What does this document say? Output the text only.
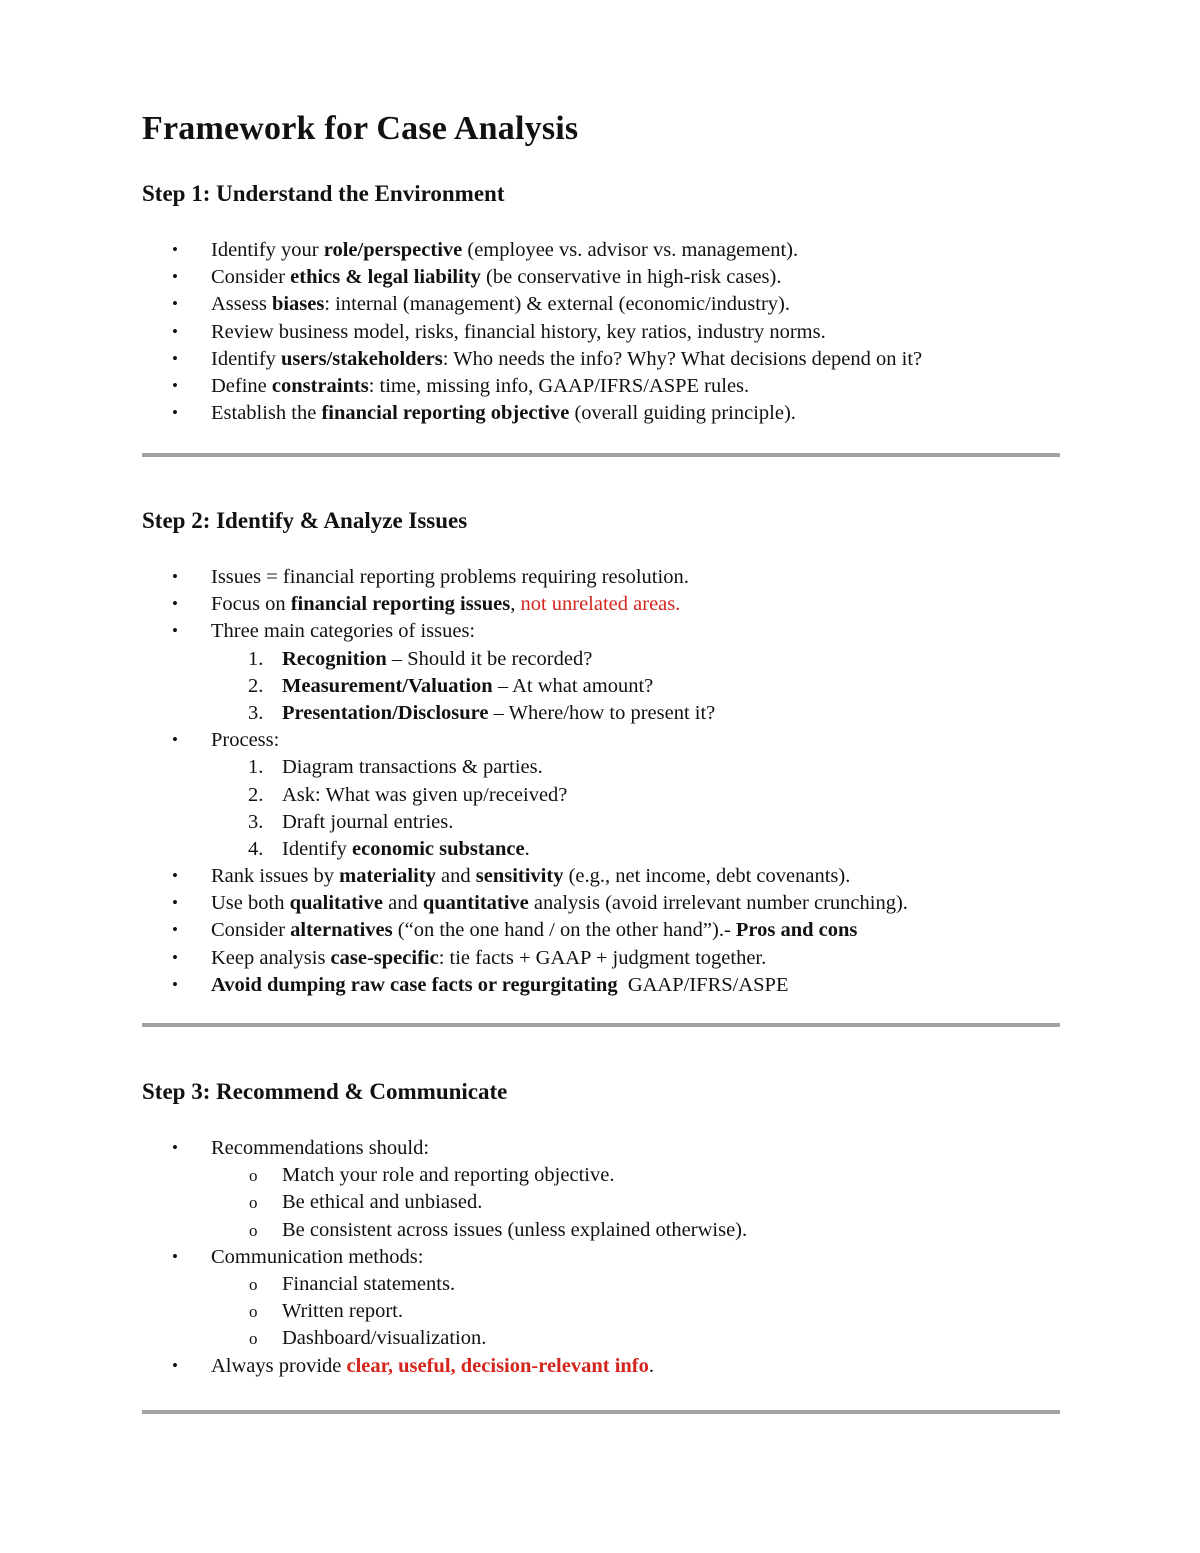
Framework for Case Analysis
Step 1: Understand the Environment
• Identify your role/perspective (employee vs. advisor vs. management).
• Consider ethics & legal liability (be conservative in high-risk cases).
• Assess biases: internal (management) & external (economic/industry).
• Review business model, risks, financial history, key ratios, industry norms.
• Identify users/stakeholders: Who needs the info? Why? What decisions depend on it?
• Define constraints: time, missing info, GAAP/IFRS/ASPE rules.
• Establish the financial reporting objective (overall guiding principle).
Step 2: Identify & Analyze Issues
• Issues = financial reporting problems requiring resolution.
• Focus on financial reporting issues, not unrelated areas.
• Three main categories of issues:
1. Recognition – Should it be recorded?
2. Measurement/Valuation – At what amount?
3. Presentation/Disclosure – Where/how to present it?
• Process:
1. Diagram transactions & parties.
2. Ask: What was given up/received?
3. Draft journal entries.
4. Identify economic substance.
• Rank issues by materiality and sensitivity (e.g., net income, debt covenants).
• Use both qualitative and quantitative analysis (avoid irrelevant number crunching).
• Consider alternatives (“on the one hand / on the other hand”).- Pros and cons
• Keep analysis case-specific: tie facts + GAAP + judgment together.
• Avoid dumping raw case facts or regurgitating  GAAP/IFRS/ASPE
Step 3: Recommend & Communicate
• Recommendations should:
o Match your role and reporting objective.
o Be ethical and unbiased.
o Be consistent across issues (unless explained otherwise).
• Communication methods:
o Financial statements.
o Written report.
o Dashboard/visualization.
• Always provide clear, useful, decision-relevant info.
